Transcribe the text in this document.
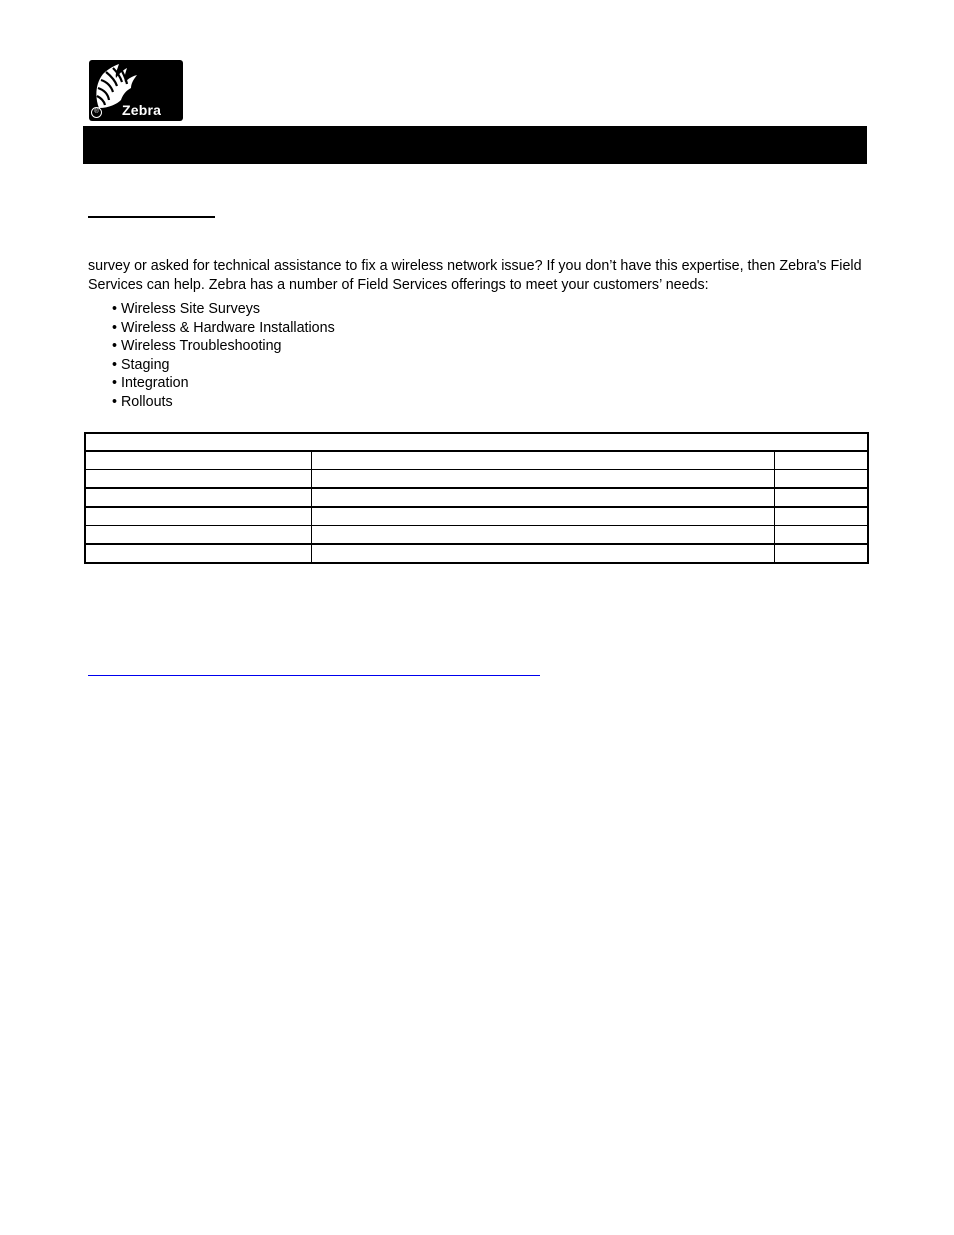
® Zebra

survey or asked for technical assistance to fix a wireless network issue? If you don’t have this expertise, then Zebra's Field Services can help. Zebra has a number of Field Services offerings to meet your customers’ needs:

• Wireless Site Surveys
• Wireless & Hardware Installations
• Wireless Troubleshooting
• Staging
• Integration
• Rollouts
